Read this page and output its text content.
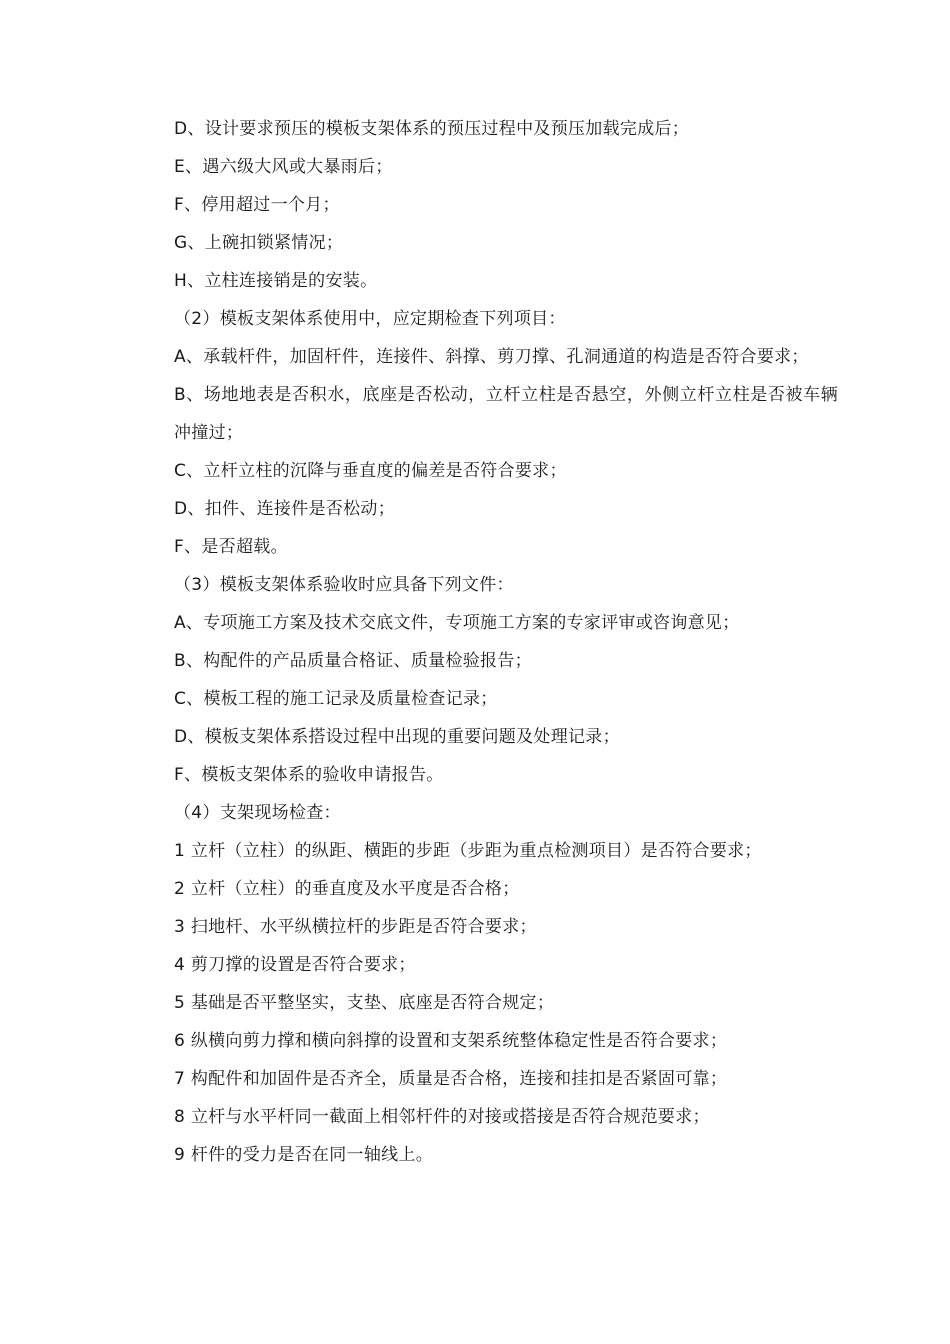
D、设计要求预压的模板支架体系的预压过程中及预压加载完成后；
E、遇六级大风或大暴雨后；
F、停用超过一个月；
G、上碗扣锁紧情况；
H、立柱连接销是的安装。
（2）模板支架体系使用中，应定期检查下列项目：
A、承载杆件，加固杆件，连接件、斜撑、剪刀撑、孔洞通道的构造是否符合要求；
B、场地地表是否积水，底座是否松动，立杆立柱是否悬空，外侧立杆立柱是否被车辆冲撞过；
C、立杆立柱的沉降与垂直度的偏差是否符合要求；
D、扣件、连接件是否松动；
F、是否超载。
（3）模板支架体系验收时应具备下列文件：
A、专项施工方案及技术交底文件，专项施工方案的专家评审或咨询意见；
B、构配件的产品质量合格证、质量检验报告；
C、模板工程的施工记录及质量检查记录；
D、模板支架体系搭设过程中出现的重要问题及处理记录；
F、模板支架体系的验收申请报告。
（4）支架现场检查：
1 立杆（立柱）的纵距、横距的步距（步距为重点检测项目）是否符合要求；
2 立杆（立柱）的垂直度及水平度是否合格；
3 扫地杆、水平纵横拉杆的步距是否符合要求；
4 剪刀撑的设置是否符合要求；
5 基础是否平整坚实，支垫、底座是否符合规定；
6 纵横向剪力撑和横向斜撑的设置和支架系统整体稳定性是否符合要求；
7 构配件和加固件是否齐全，质量是否合格，连接和挂扣是否紧固可靠；
8 立杆与水平杆同一截面上相邻杆件的对接或搭接是否符合规范要求；
9 杆件的受力是否在同一轴线上。
